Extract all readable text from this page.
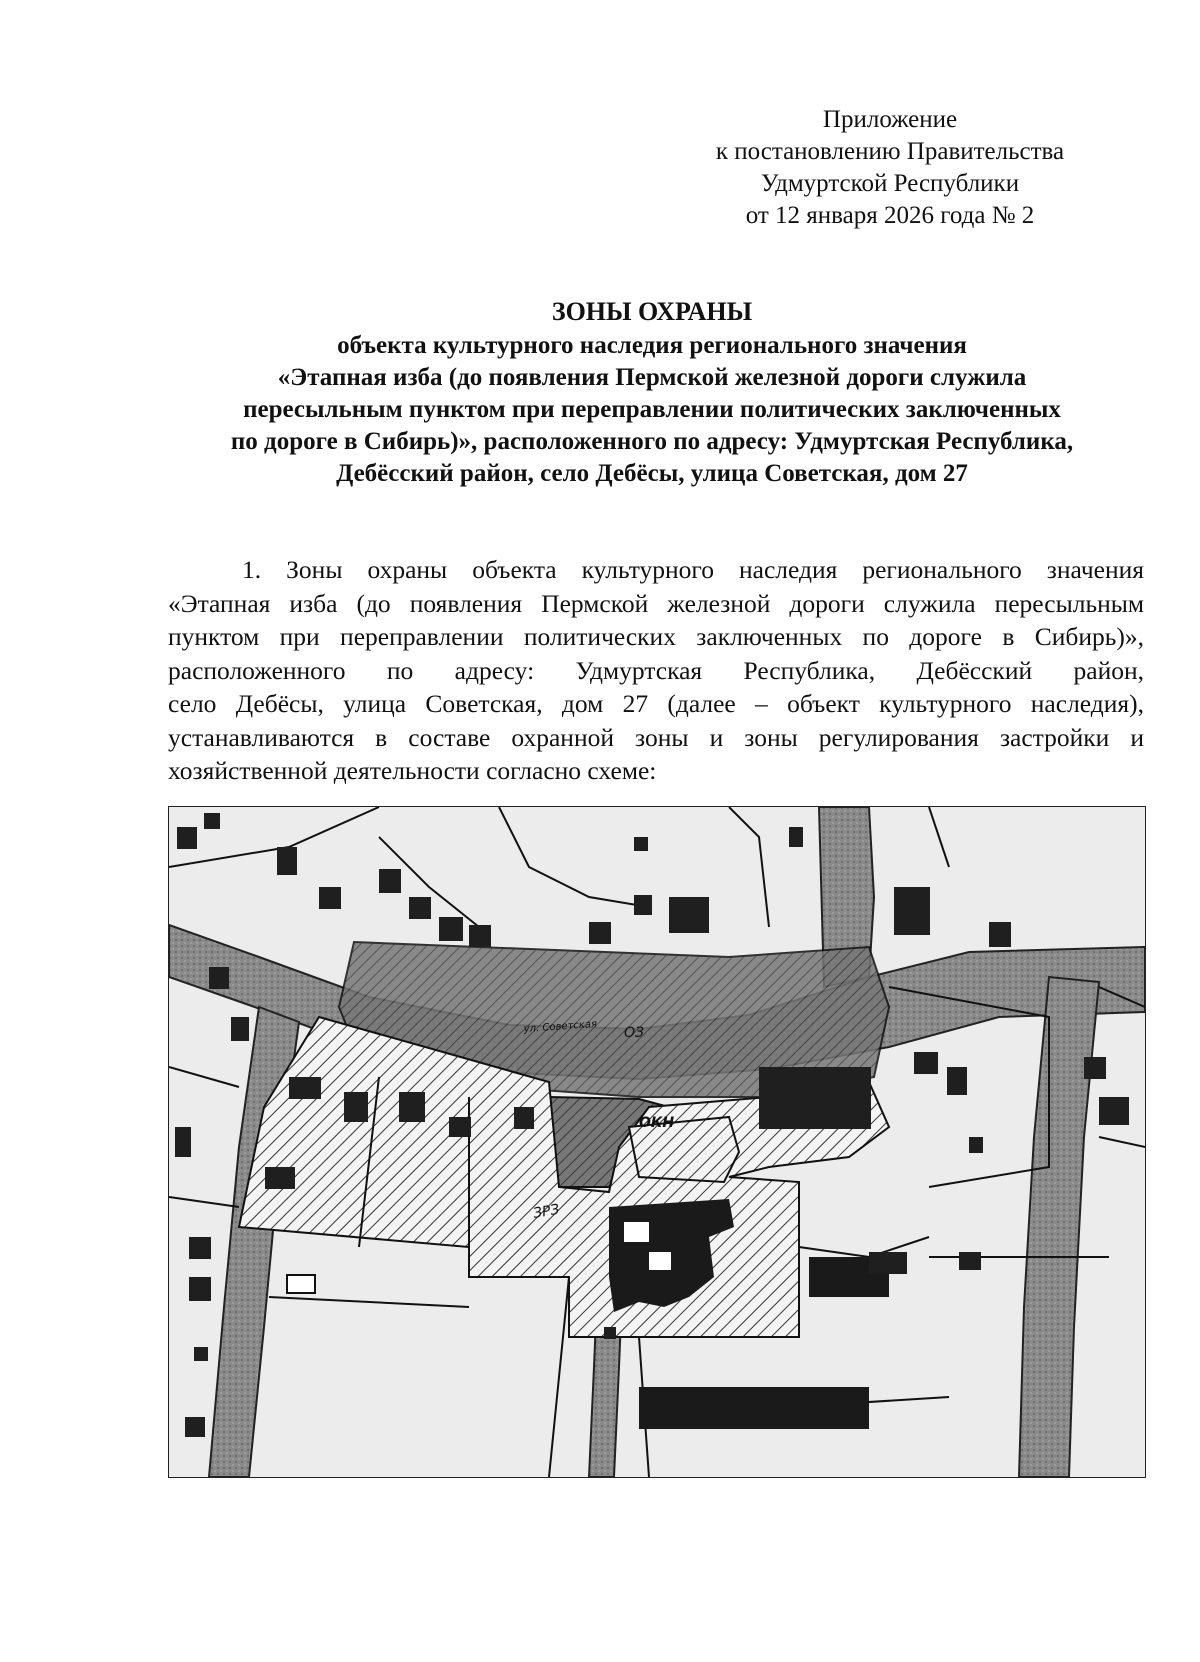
Приложение
к постановлению Правительства
Удмуртской Республики
от 12 января 2026 года № 2
ЗОНЫ ОХРАНЫ
объекта культурного наследия регионального значения
«Этапная изба (до появления Пермской железной дороги служила
пересыльным пунктом при переправлении политических заключенных
по дороге в Сибирь)», расположенного по адресу: Удмуртская Республика,
Дебёсский район, село Дебёсы, улица Советская, дом 27
1. Зоны охраны объекта культурного наследия регионального значения
«Этапная изба (до появления Пермской железной дороги служила пересыльным
пунктом при переправлении политических заключенных по дороге в Сибирь)»,
расположенного по адресу: Удмуртская Республика, Дебёсский район,
село Дебёсы, улица Советская, дом 27 (далее – объект культурного наследия),
устанавливаются в составе охранной зоны и зоны регулирования застройки и
хозяйственной деятельности согласно схеме:
ОЗ
ЗРЗ
ОКН
ул. Советская
